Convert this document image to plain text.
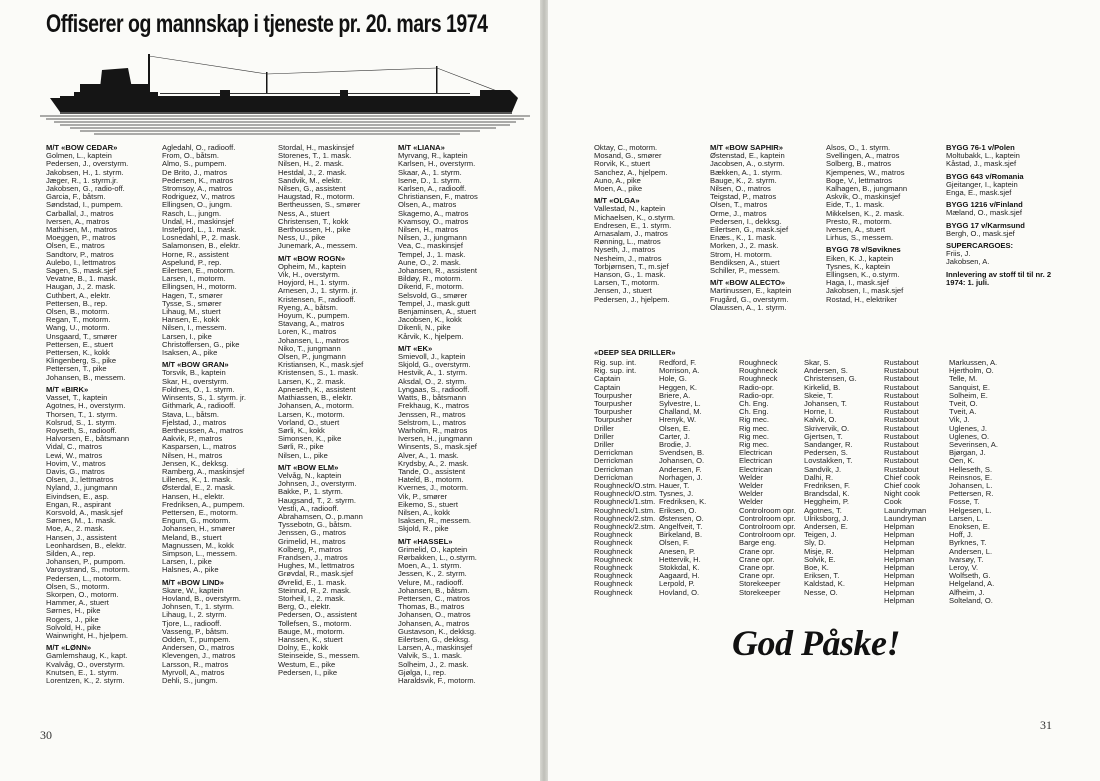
Offiserer og mannskap i tjeneste pr. 20. mars 1974
M/T «BOW CEDAR»
Golmen, L., kaptein
Pedersen, J., overstyrm.
Jakobsen, H., 1. styrm.
Jæger, R., 1. styrm.jr.
Jakobsen, G., radio-off.
Garcia, F., båtsm.
Søndstad, I., pumpem.
Carballal, J., matros
Iversen, A., matros
Mathisen, M., matros
Moeggen, P., matros
Olsen, E., matros
Sandtorv, P., matros
Aulebo, I., lettmatros
Sagen, S., mask.sjef
Vevatne, B., 1. mask.
Haugan, J., 2. mask.
Cuthbert, A., elektr.
Pettersen, B., rep.
Olsen, B., motorm.
Regan, T., motorm.
Wang, U., motorm.
Unsgaard, T., smører
Pettersen, E., stuert
Pettersen, K., kokk
Klingenberg, S., pike
Pettersen, T., pike
Johansen, B., messem.
M/T «BIRK»
Vasset, T., kaptein
Agotnes, H., overstyrm.
Thorsen, T., 1. styrm.
Kolsrud, S., 1. styrm.
Royseth, S., radiooff.
Halvorsen, E., båtsmann
Vidal, C., matros
Lewi, W., matros
Hovim, V., matros
Davis, G., matros
Olsen, J., lettmatros
Nyland, J., jungmann
Eivindsen, E., asp.
Engan, R., aspirant
Korsvold, A., mask.sjef
Sørnes, M., 1. mask.
Moe, A., 2. mask.
Hansen, J., assistent
Leonhardsen, B., elektr.
Silden, A., rep.
Johansen, P., pumpom.
Varoystrand, S., motorm.
Pedersen, L., motorm.
Olsen, S., motorm.
Skorpen, O., motorm.
Hammer, A., stuert
Sørnes, H., pike
Rogers, J., pike
Solvold, H., pike
Wainwright, H., hjelpem.
M/T «LØNN»
Gamlemshaug, K., kapt.
Kvalvåg, O., overstyrm.
Knutsen, E., 1. styrm.
Lorentzen, K., 2. styrm.
Agledahl, O., radiooff.
From, O., båtsm.
Almo, S., pumpem.
De Brito, J., matros
Pedersen, K., matros
Stromsoy, A., matros
Rodriguez, V., matros
Ellingsen, O., jungm.
Rasch, L., jungm.
Undal, H., maskinsjef
Instefjord, L., 1. mask.
Losnedahl, P., 2. mask.
Salamonsen, B., elektr.
Horne, R., assistent
Aspelund, P., rep.
Eilertsen, E., motorm.
Larsen, I., motorm.
Ellingsen, H., motorm.
Hagen, T., smører
Tysse, S., smører
Lihaug, M., stuert
Hansen, E., kokk
Nilsen, I., messem.
Larsen, I., pike
Christoffersen, G., pike
Isaksen, A., pike
M/T «BOW GRAN»
Torsvik, B., kaptein
Skar, H., overstyrm.
Foldnes, O., 1. styrm.
Winsents, S., 1. styrm. jr.
Githmark, A., radiooff.
Stava, L., båtsm.
Fjelstad, J., matros
Bertheussen, A., matros
Aakvik, P., matros
Kasparsen, L., matros
Nilsen, H., matros
Jensen, K., dekksg.
Ramberg, A., maskinsjef
Lillenes, K., 1. mask.
Østerdal, E., 2. mask.
Hansen, H., elektr.
Fredriksen, A., pumpem.
Pettersen, E., motorm.
Engum, G., motorm.
Johansen, H., smører
Meland, B., stuert
Magnussen, M., kokk
Simpson, L., messem.
Larsen, I., pike
Halsnes, A., pike
M/T «BOW LIND»
Skare, W., kaptein
Hovland, B., overstyrm.
Johnsen, T., 1. styrm.
Lihaug, I., 2. styrm.
Tjore, L., radiooff.
Vasseng, P., båtsm.
Odden, T., pumpem.
Andersen, O., matros
Klevengen, J., matros
Larsson, R., matros
Myrvoll, A., matros
Dehli, S., jungm.
Stordal, H., maskinsjef
Storenes, T., 1. mask.
Nilsen, H., 2. mask.
Hestdal, J., 2. mask.
Sandvik, M., elektr.
Nilsen, G., assistent
Haugstad, R., motorm.
Bertheussen, S., smører
Ness, A., stuert
Christensen, T., kokk
Berthoussen, H., pike
Ness, U., pike
Junemark, A., messem.
M/T «BOW ROGN»
Opheim, M., kaptein
Vik, H., overstyrm.
Hoyjord, H., 1. styrm.
Arnesen, J., 1. styrm. jr.
Kristensen, F., radiooff.
Ryeng, A., båtsm.
Hoyum, K., pumpem.
Stavang, A., matros
Loren, K., matros
Johansen, L., matros
Niko, T., jungmann
Olsen, P., jungmann
Kristiansen, K., mask.sjef
Kristensen, S., 1. mask.
Larsen, K., 2. mask.
Apneseth, K., assistent
Mathiassen, B., elektr.
Johansen, A., motorm.
Larsen, K., motorm.
Vorland, O., stuert
Sørli, K., kokk
Simonsen, K., pike
Sørli, R., pike
Nilsen, L., pike
M/T «BOW ELM»
Velvåg, N., kaptein
Johnsen, J., overstyrm.
Bakke, P., 1. styrm.
Haugsand, T., 2. styrm.
Vestli, A., radiooff.
Abrahamsen, O., p.mann
Tyssebotn, G., båtsm.
Jenssen, G., matros
Grimelid, H., matros
Kolberg, P., matros
Frandsen, J., matros
Hughes, M., lettmatros
Grøvdal, R., mask.sjef
Øvrelid, E., 1. mask.
Steinrud, R., 2. mask.
Storheil, I., 2. mask.
Berg, O., elektr.
Pedersen, O., assistent
Tollefsen, S., motorm.
Bauge, M., motorm.
Hanssen, K., stuert
Dolny, E., kokk
Steinseide, S., messem.
Westum, E., pike
Pedersen, I., pike
M/T «LIANA»
Myrvang, R., kaptein
Karlsen, H., overstyrm.
Skaar, A., 1. styrm.
Isene, D., 1. styrm.
Karlsen, A., radiooff.
Christiansen, F., matros
Olsen, A., matros
Skagemo, A., matros
Kvamsoy, O., matros
Nilsen, H., matros
Nilsen, J., jungmann
Vea, C., maskinsjef
Tempel, J., 1. mask.
Aune, O., 2. mask.
Johansen, R., assistent
Bildøy, R., motorm.
Dikerid, F., motorm.
Selsvold, G., smører
Tempel, J., mask.gutt
Benjaminsen, A., stuert
Jacobsen, K., kokk
Dikenli, N., pike
Kårvik, K., hjelpem.
M/T «EK»
Smievoll, J., kaptein
Skjold, G., overstyrm.
Hestvik, A., 1. styrm.
Aksdal, O., 2. styrm.
Lyngaas, S., radiooff.
Watts, B., båtsmann
Frekhaug, K., matros
Jenssen, R., matros
Selstrom, L., matros
Warholm, R., matros
Iversen, H., jungmann
Winsents, S., mask.sjef
Alver, A., 1. mask.
Krydsby, A., 2. mask.
Tande, O., assistent
Hateld, B., motorm.
Kvernes, J., motorm.
Vik, P., smører
Eikemo, S., stuert
Nilsen, A., kokk
Isaksen, R., messem.
Skjold, R., pike
M/T «HASSEL»
Grimelid, O., kaptein
Rørbakken, L., o.styrm.
Moen, A., 1. styrm.
Jessen, K., 2. styrm.
Velure, M., radiooff.
Johansen, B., båtsm.
Pettersen, C., matros
Thomas, B., matros
Johansen, O., matros
Johansen, A., matros
Gustavson, K., dekksg.
Eilertsen, G., dekksg.
Larsen, A., maskinsjef
Valvik, S., 1. mask.
Solheim, J., 2. mask.
Gjølga, I., rep.
Haraldsvik, F., motorm.
30
Oktay, C., motorm.
Mosand, G., smører
Rorvik, K., stuert
Sanchez, A., hjelpem.
Auno, A., pike
Moen, A., pike
M/T «OLGA»
Vallestad, N., kaptein
Michaelsen, K., o.styrm.
Endresen, E., 1. styrm.
Arnasalam, J., matros
Rønning, L., matros
Nyseth, J., matros
Nesheim, J., matros
Torbjørnsen, T., m.sjef
Hanson, G., 1. mask.
Larsen, T., motorm.
Jensen, J., stuert
Pedersen, J., hjelpem.
M/T «BOW SAPHIR»
Østenstad, E., kaptein
Jacobsen, A., o.styrm.
Bækken, A., 1. styrm.
Bauge, K., 2. styrm.
Nilsen, O., matros
Teigstad, P., matros
Olsen, T., matros
Orme, J., matros
Pedersen, I., dekksg.
Eilertsen, G., mask.sjef
Enæs., K., 1. mask.
Morken, J., 2. mask.
Strom, H. motorm.
Bendiksen, A., stuert
Schiller, P., messem.
M/T «BOW ALECTO»
Martinussen, E., kaptein
Frugård, G., overstyrm.
Olaussen, A., 1. styrm.
Alsos, O., 1. styrm.
Svellingen, A., matros
Solberg, B., matros
Kjempenes, W., matros
Boge, V., lettmatros
Kalhagen, B., jungmann
Askvik, O., maskinsjef
Eide, T., 1. mask.
Mikkelsen, K., 2. mask.
Presto, R., motorm.
Iversen, A., stuert
Lirhus, S., messem.
BYGG 78 v/Søviknes
Eiken, K. J., kaptein
Tysnes, K., kaptein
Ellingsen, K., o.styrm.
Haga, I., mask.sjef
Jakobsen, I., mask.sjef
Rostad, H., elektriker
BYGG 76-1 v/Polen
Moltubakk, L., kaptein
Kåstad, J., mask.sjef
BYGG 643 v/Romania
Gjeitanger, I., kaptein
Enga, E., mask.sjef
BYGG 1216 v/Finland
Mæland, O., mask.sjef
BYGG 17 v/Karmsund
Bergh, O., mask.sjef
SUPERCARGOES:
Friis, J.
Jakobsen, A.
Innlevering av stoff til til nr. 2 1974: 1. juli.
«DEEP SEA DRILLER»
Rig. sup. int.	Redford, F.	Roughneck	Skar, S.	Rustabout	Markussen, A.
Rig. sup. int.	Morrison, A.	Roughneck	Andersen, S.	Rustabout	Hjertholm, O.
Captain	Hole, G.	Roughneck	Christensen, G.	Rustabout	Telle, M.
Captain	Heggen, K.	Radio-opr.	Kirkelid, B.	Rustabout	Sanquist, E.
Tourpusher	Briere, A.	Radio-opr.	Skeie, T.	Rustabout	Solheim, E.
Tourpusher	Sylvestre, L.	Ch. Eng.	Johansen, T.	Rustabout	Tveit, O.
Tourpusher	Challand, M.	Ch. Eng.	Horne, I.	Rustabout	Tveit, A.
Tourpusher	Hrenyk, W.	Rig mec.	Kalvik, O.	Rustabout	Vik, J.
Driller	Olsen, E.	Rig mec.	Skrivervik, O.	Rustabout	Uglenes, J.
Driller	Carter, J.	Rig mec.	Gjertsen, T.	Rustabout	Uglenes, O.
Driller	Brodie, J.	Rig mec.	Sandanger, R.	Rustabout	Severinsen, A.
Derrickman	Svendsen, B.	Electrican	Pedersen, S.	Rustabout	Bjørgan, J.
Derrickman	Johansen, O.	Electrican	Lovstakken, T.	Rustabout	Oen, K.
Derrickman	Andersen, F.	Electrican	Sandvik, J.	Rustabout	Helleseth, S.
Derrickman	Norhagen, J.	Welder	Dalhi, R.	Chief cook	Reinsnos, E.
Roughneck/O.stm.	Hauer, T.	Welder	Fredriksen, F.	Chief cook	Johansen, L.
Roughneck/O.stm.	Tysnes, J.	Welder	Brandsdal, K.	Night cook	Pettersen, R.
Roughneck/1.stm.	Fredriksen, K.	Welder	Heggheim, P.	Cook	Fosse, T.
Roughneck/1.stm.	Eriksen, O.	Controlroom opr.	Agotnes, T.	Laundryman	Helgesen, L.
Roughneck/2.stm.	Østensen, O.	Controlroom opr.	Ulriksborg, J.	Laundryman	Larsen, L.
Roughneck/2.stm.	Angelfveit, T.	Controlroom opr.	Andersen, E.	Helpman	Enoksen, E.
Roughneck	Birkeland, B.	Controlroom opr.	Teigen, J.	Helpman	Hoff, J.
Roughneck	Olsen, F.	Barge eng.	Sly, D.	Helpman	Byrknes, T.
Roughneck	Anesen, P.	Crane opr.	Misje, R.	Helpman	Andersen, L.
Roughneck	Hettervik, H.	Crane opr.	Solvik, E.	Helpman	Ivarsøy, T.
Roughneck	Stokkdal, K.	Crane opr.	Boe, K.	Helpman	Leroy, V.
Roughneck	Aagaard, H.	Crane opr.	Eriksen, T.	Helpman	Wolfseth, G.
Roughneck	Lerpold, P.	Storekeeper	Kaldstad, K.	Helpman	Helgeland, A.
Roughneck	Hovland, O.	Storekeeper	Nesse, O.	Helpman	Alfheim, J.
				Helpman	Solteland, O.
God Påske!
31
